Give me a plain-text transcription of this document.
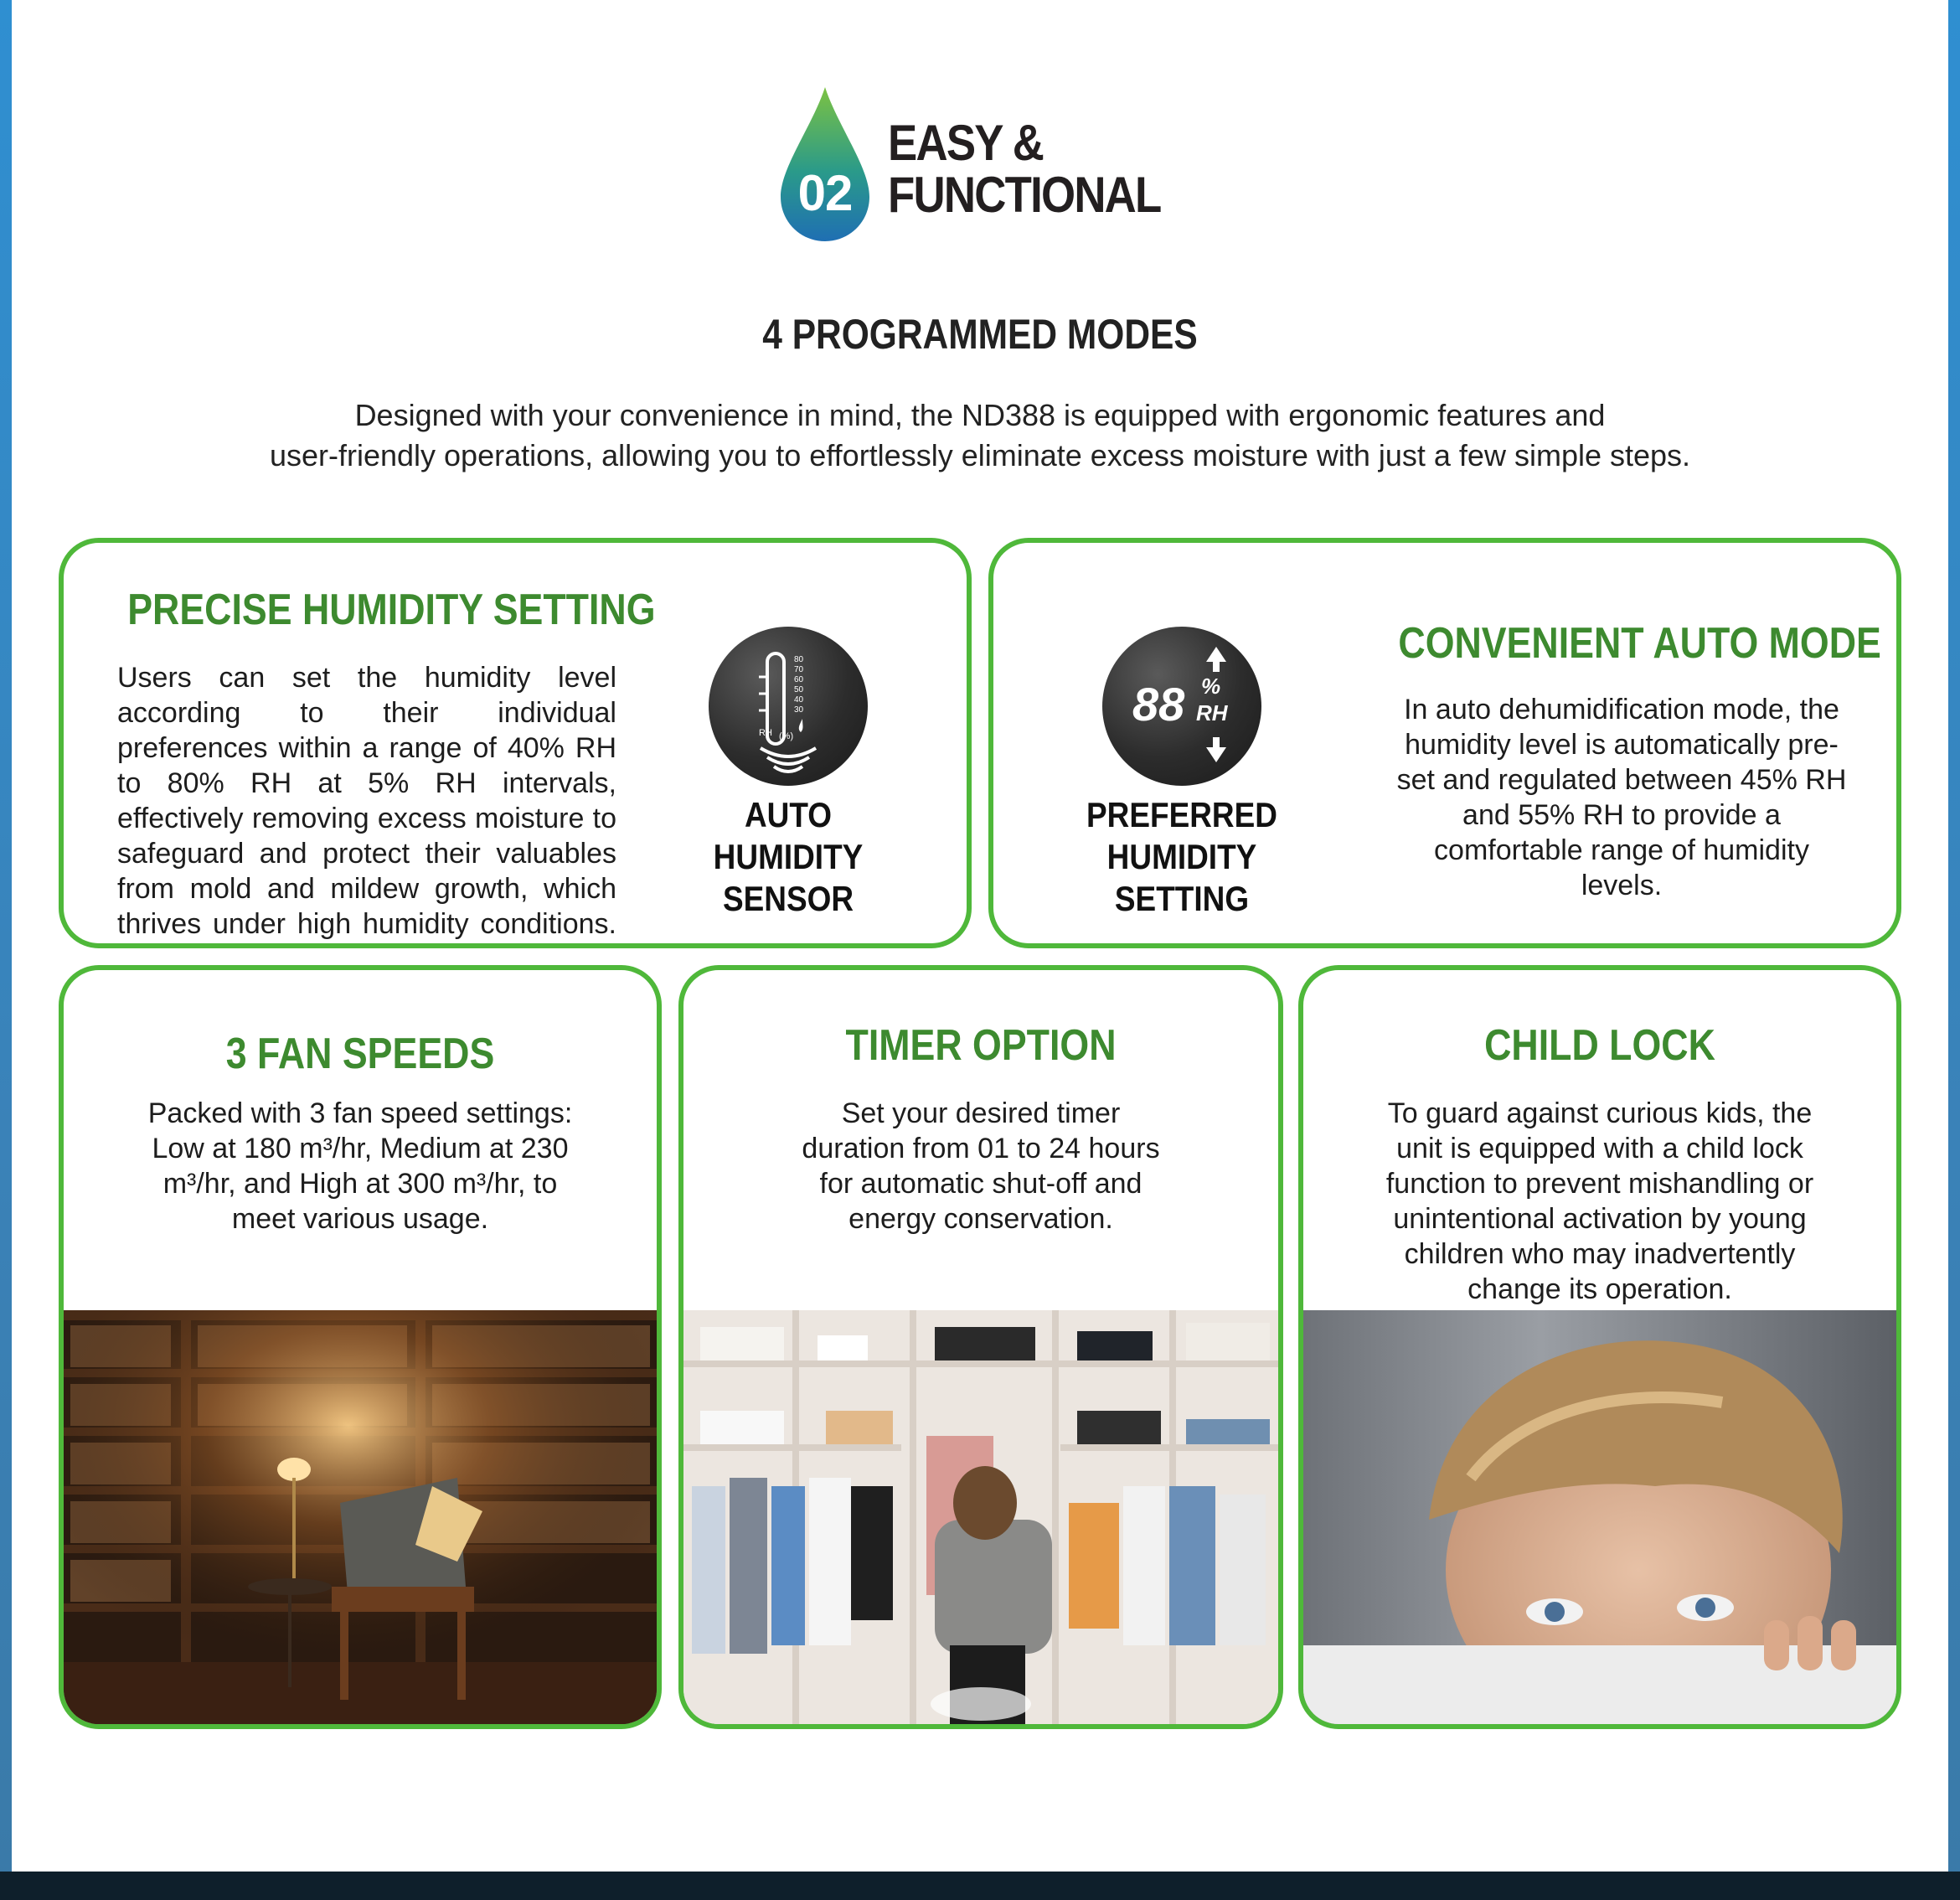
02
EASY &
FUNCTIONAL
4 PROGRAMMED MODES
Designed with your convenience in mind, the ND388 is equipped with ergonomic features and
user-friendly operations, allowing you to effortlessly eliminate excess moisture with just a few simple steps.
PRECISE HUMIDITY SETTING
Users can set the humidity level according to their individual preferences within a range of 40% RH to 80% RH at 5% RH intervals, effectively removing excess moisture to safeguard and protect their valuables from mold and mildew growth, which thrives under high humidity conditions.
80
70
60
50
40
30
RH (%)
AUTO
HUMIDITY SENSOR
88 %
RH
PREFERRED
HUMIDITY SETTING
CONVENIENT AUTO MODE
In auto dehumidification mode, the humidity level is automatically pre-set and regulated between 45% RH and 55% RH to provide a comfortable range of humidity levels.
3 FAN SPEEDS
Packed with 3 fan speed settings: Low at 180 m³/hr, Medium at 230 m³/hr, and High at 300 m³/hr, to meet various usage.
TIMER OPTION
Set your desired timer duration from 01 to 24 hours for automatic shut-off and energy conservation.
CHILD LOCK
To guard against curious kids, the unit is equipped with a child lock function to prevent mishandling or unintentional activation by young children who may inadvertently change its operation.
